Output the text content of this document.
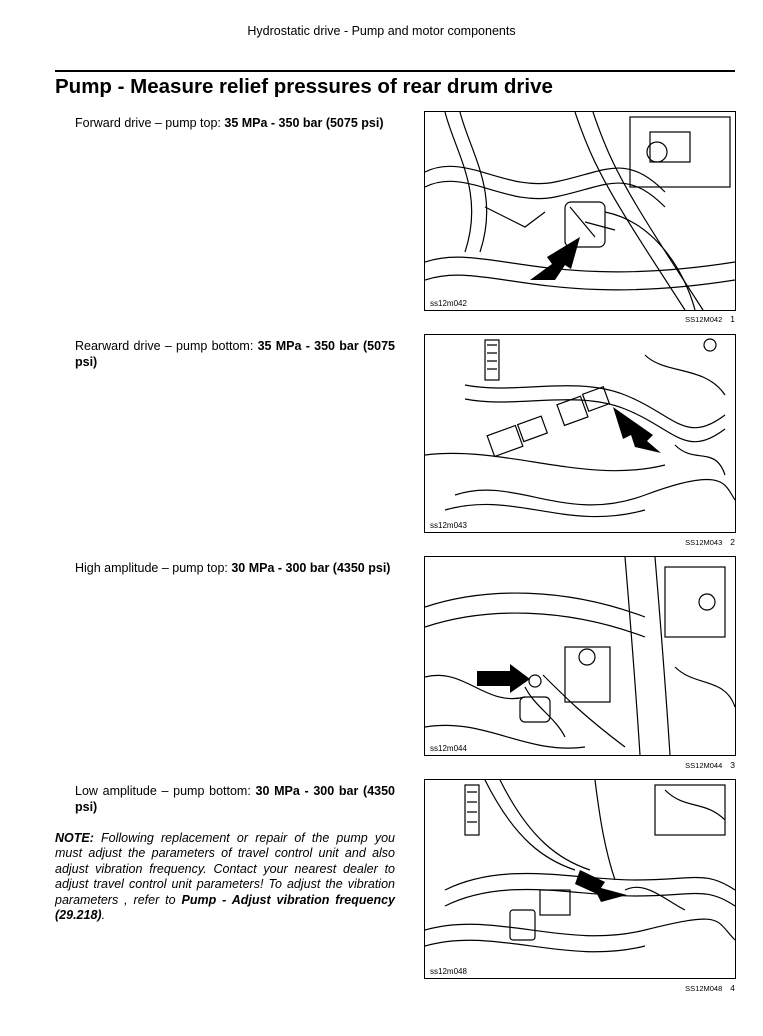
Hydrostatic drive - Pump and motor components
Pump - Measure relief pressures of rear drum drive

Forward drive – pump top: 35 MPa - 350 bar (5075 psi)

ss12m042
SS12M042 1

Rearward drive – pump bottom: 35 MPa - 350 bar (5075 psi)

ss12m043
SS12M043 2

High amplitude – pump top: 30 MPa - 300 bar (4350 psi)

ss12m044
SS12M044 3

Low amplitude – pump bottom: 30 MPa - 300 bar (4350 psi)

ss12m048
SS12M048 4

NOTE: Following replacement or repair of the pump you must adjust the parameters of travel control unit and also adjust vibration frequency. Contact your nearest dealer to adjust travel control unit parameters! To adjust the vibration parameters , refer to Pump - Adjust vibration frequency (29.218).
